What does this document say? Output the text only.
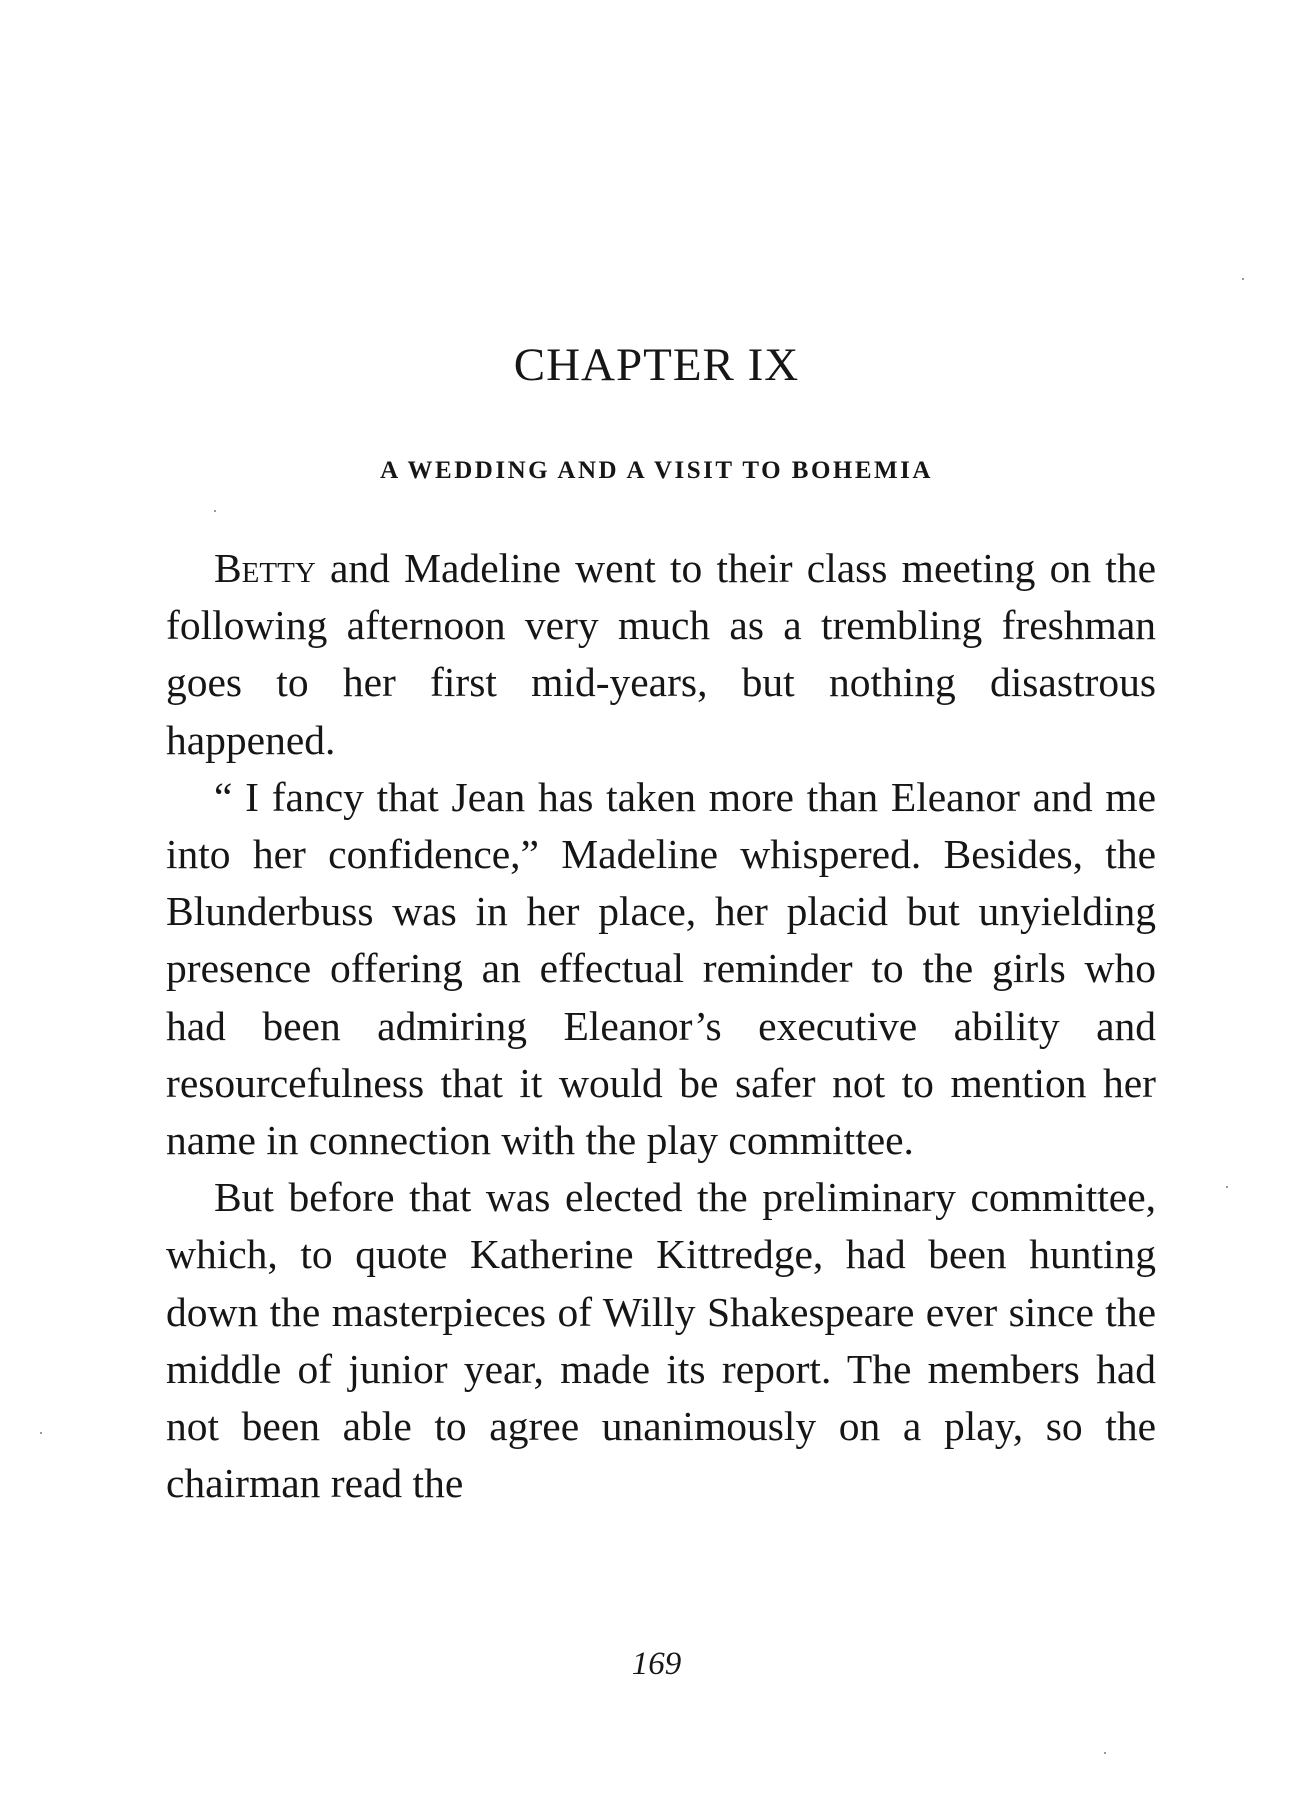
CHAPTER IX
A WEDDING AND A VISIT TO BOHEMIA

Betty and Madeline went to their class meeting on the following afternoon very much as a trembling freshman goes to her first mid-years, but nothing disastrous happened.

“ I fancy that Jean has taken more than Eleanor and me into her confidence,” Madeline whispered. Besides, the Blunderbuss was in her place, her placid but unyielding presence offering an effectual reminder to the girls who had been admiring Eleanor’s executive ability and resourcefulness that it would be safer not to mention her name in connection with the play committee.

But before that was elected the preliminary committee, which, to quote Katherine Kittredge, had been hunting down the masterpieces of Willy Shakespeare ever since the middle of junior year, made its report. The members had not been able to agree unanimously on a play, so the chairman read the

169
